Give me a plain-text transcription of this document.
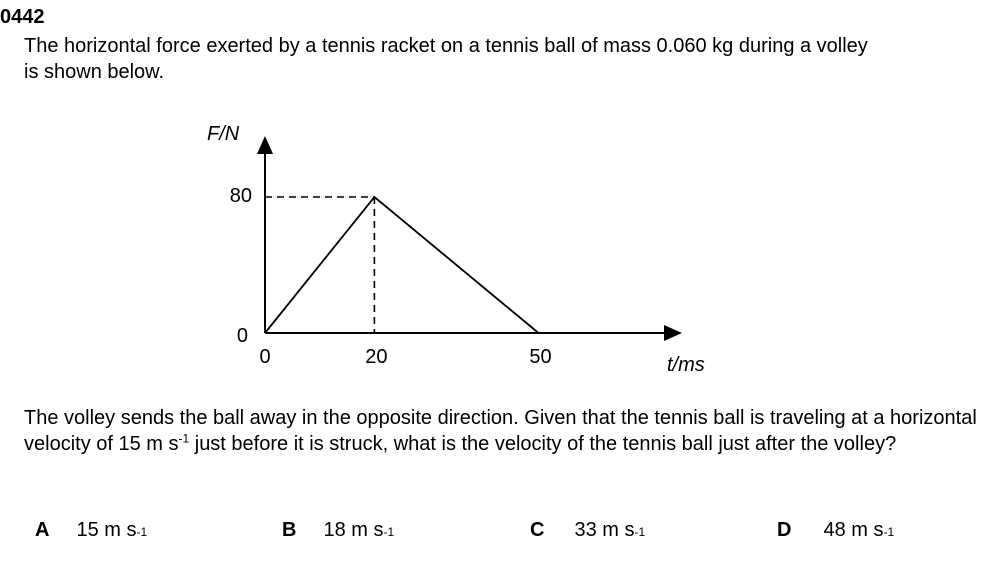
0442
The horizontal force exerted by a tennis racket on a tennis ball of mass 0.060 kg during a volley
is shown below.
F/N
t/ms
80
0
0	20	50
The volley sends the ball away in the opposite direction. Given that the tennis ball is traveling at a horizontal velocity of 15 m $s^{-1}$ just before it is struck, what is the velocity of the tennis ball just after the volley?
A 15 m s -1	B 18 m s -1	C 33 m s -1	D 48 m s -1
